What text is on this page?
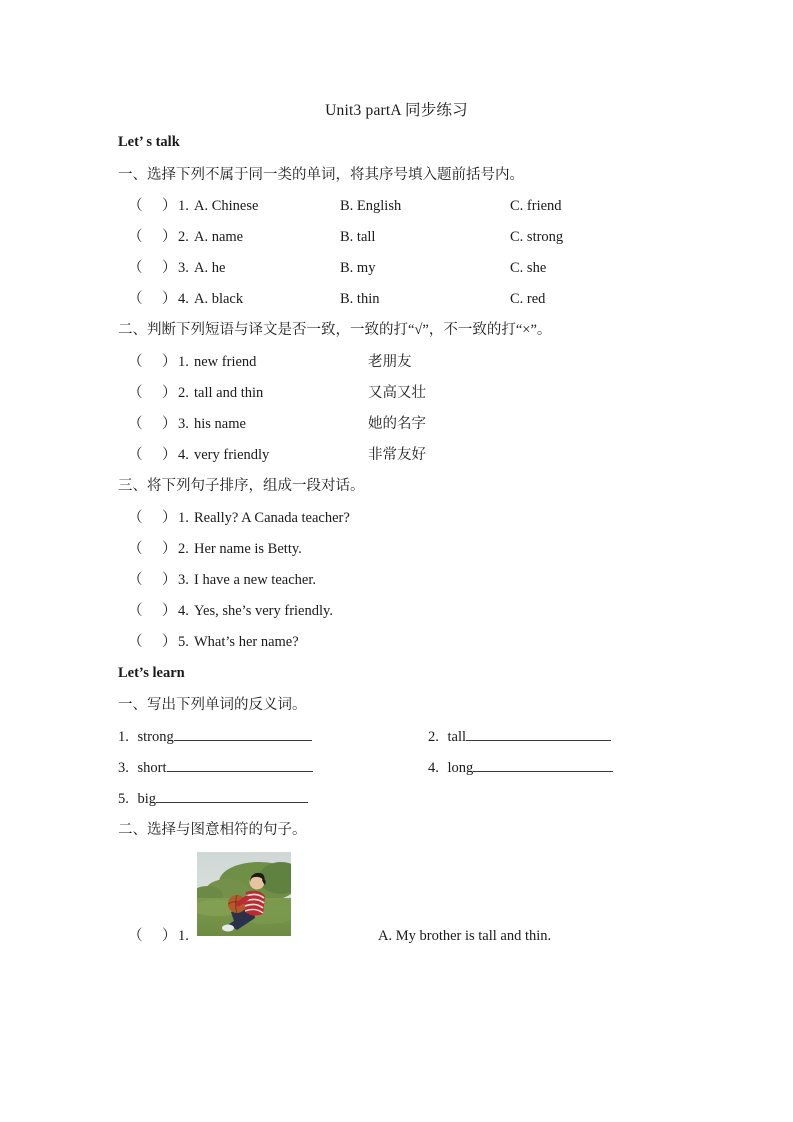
Unit3 partA 同步练习
Let’ s talk
一、选择下列不属于同一类的单词，将其序号填入题前括号内。
（ ） 1. A. Chinese	B. English	C. friend
（ ） 2. A. name	B. tall	C. strong
（ ） 3. A. he	B. my	C. she
（ ） 4. A. black	B. thin	C. red
二、判断下列短语与译文是否一致，一致的打“√”，不一致的打“×”。
（ ） 1. new friend	老朋友
（ ） 2. tall and thin	又高又壮
（ ） 3. his name	她的名字
（ ） 4. very friendly	非常友好
三、将下列句子排序，组成一段对话。
（ ） 1. Really? A Canada teacher?
（ ） 2. Her name is Betty.
（ ） 3. I have a new teacher.
（ ） 4. Yes, she’s very friendly.
（ ） 5. What’s her name?
Let’s learn
一、写出下列单词的反义词。
1. strong	2. tall
3. short	4. long
5. big
二、选择与图意相符的句子。
（ ） 1.	A. My brother is tall and thin.
